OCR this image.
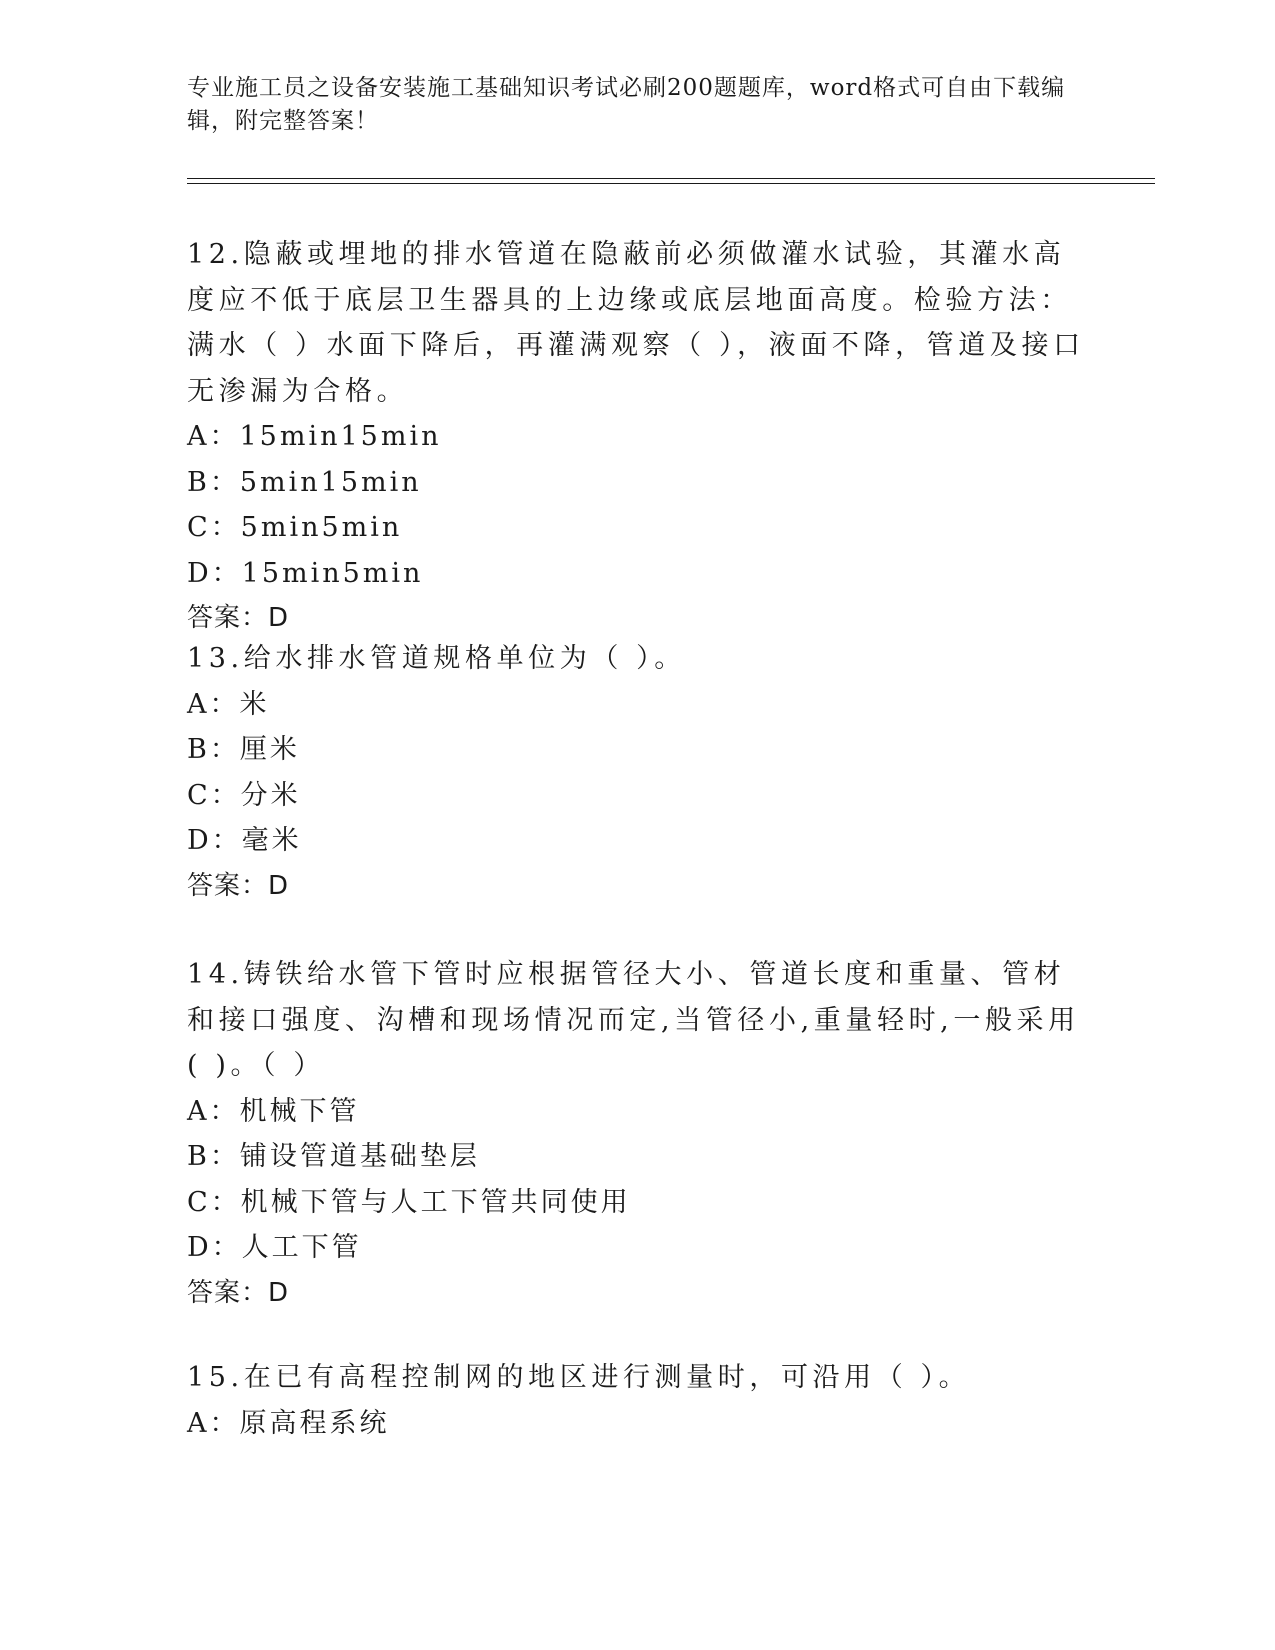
专业施工员之设备安装施工基础知识考试必刷200题题库，word格式可自由下载编辑，附完整答案！

12.隐蔽或埋地的排水管道在隐蔽前必须做灌水试验，其灌水高度应不低于底层卫生器具的上边缘或底层地面高度。检验方法：满水（ ）水面下降后，再灌满观察（ ），液面不降，管道及接口无渗漏为合格。

A：15min15min
B：5min15min
C：5min5min
D：15min5min
答案：D

13.给水排水管道规格单位为（ ）。

A：米
B：厘米
C：分米
D：毫米
答案：D

14.铸铁给水管下管时应根据管径大小、管道长度和重量、管材和接口强度、沟槽和现场情况而定,当管径小,重量轻时,一般采用( )。（ ）

A：机械下管
B：铺设管道基础垫层
C：机械下管与人工下管共同使用
D：人工下管
答案：D

15.在已有高程控制网的地区进行测量时，可沿用（ ）。

A：原高程系统
